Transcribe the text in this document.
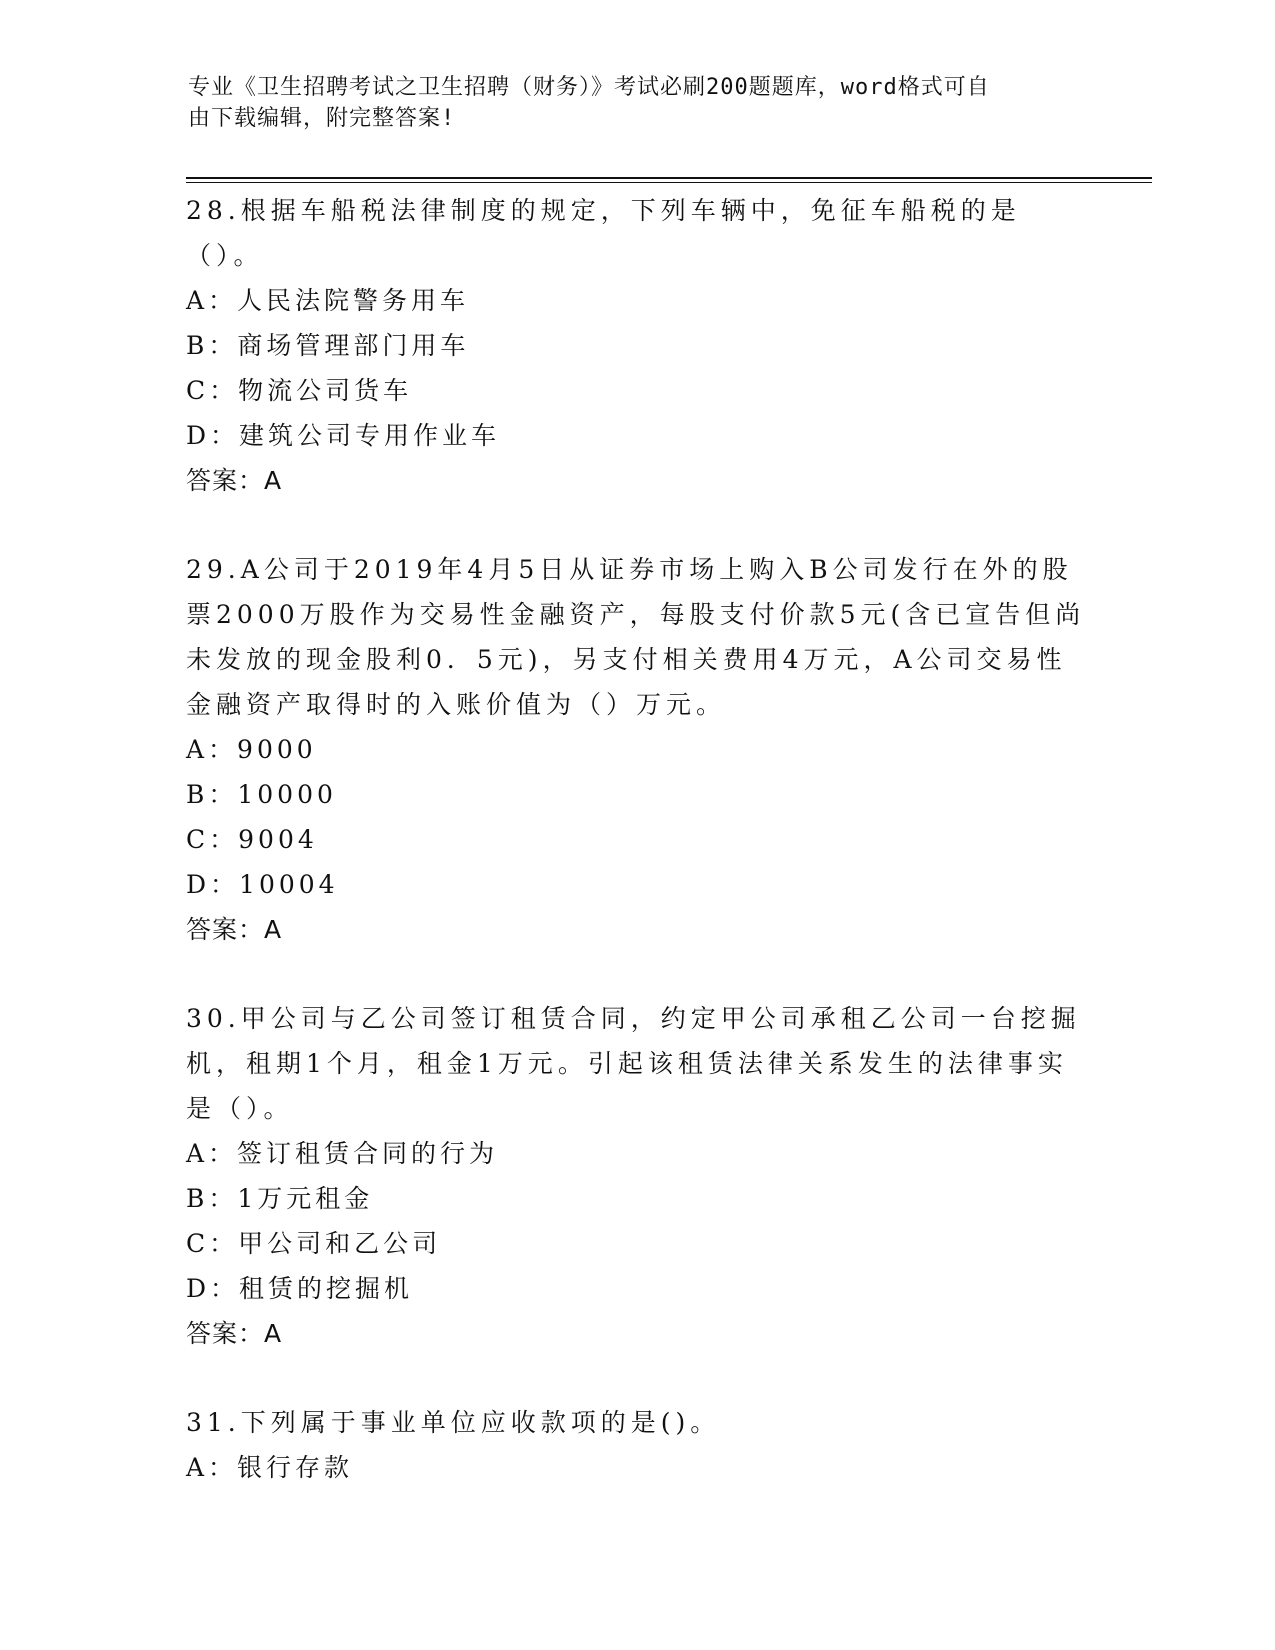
专业《卫生招聘考试之卫生招聘（财务）》考试必刷200题题库，word格式可自
由下载编辑，附完整答案!

28.根据车船税法律制度的规定，下列车辆中，免征车船税的是（）。

A：人民法院警务用车

B：商场管理部门用车

C：物流公司货车

D：建筑公司专用作业车

答案：A

29.A公司于2019年4月5日从证券市场上购入B公司发行在外的股票2000万股作为交易性金融资产，每股支付价款5元(含已宣告但尚未发放的现金股利0．5元)，另支付相关费用4万元，A公司交易性金融资产取得时的入账价值为（）万元。

A：9000

B：10000

C：9004

D：10004

答案：A

30.甲公司与乙公司签订租赁合同，约定甲公司承租乙公司一台挖掘机，租期1个月，租金1万元。引起该租赁法律关系发生的法律事实是（）。

A：签订租赁合同的行为

B：1万元租金

C：甲公司和乙公司

D：租赁的挖掘机

答案：A

31.下列属于事业单位应收款项的是()。

A：银行存款
